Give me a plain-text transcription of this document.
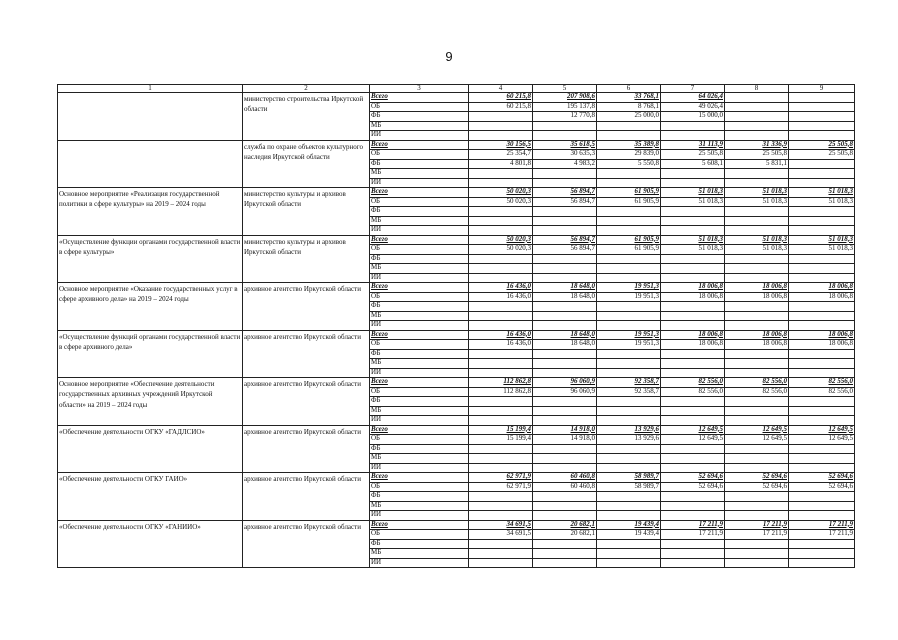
9
1	2	3	4	5	6	7	8	9
	министерство строительства Иркутской области	Всего	60 215,8	207 908,6	33 768,1	64 026,4		
		ОБ	60 215,8	195 137,8	8 768,1	49 026,4		
		ФБ		12 770,8	25 000,0	15 000,0		
		МБ						
		ИИ						
	служба по охране объектов культурного наследия Иркутской области	Всего	30 156,5	35 618,5	35 389,8	31 113,9	31 336,9	25 505,8
		ОБ	25 354,7	30 635,3	29 839,0	25 505,8	25 505,8	25 505,8
		ФБ	4 801,8	4 983,2	5 550,8	5 608,1	5 831,1	
		МБ						
		ИИ						
Основное мероприятие «Реализация государственной политики в сфере культуры» на 2019 – 2024 годы	министерство культуры и архивов Иркутской области	Всего	50 020,3	56 894,7	61 905,9	51 018,3	51 018,3	51 018,3
		ОБ	50 020,3	56 894,7	61 905,9	51 018,3	51 018,3	51 018,3
		ФБ						
		МБ						
		ИИ						
«Осуществление функции органами государственной власти в сфере культуры»	министерство культуры и архивов Иркутской области	Всего	50 020,3	56 894,7	61 905,9	51 018,3	51 018,3	51 018,3
		ОБ	50 020,3	56 894,7	61 905,9	51 018,3	51 018,3	51 018,3
		ФБ						
		МБ						
		ИИ						
Основное мероприятие «Оказание государственных услуг в сфере архивного дела» на 2019 – 2024 годы	архивное агентство Иркутской области	Всего	16 436,0	18 648,0	19 951,3	18 006,8	18 006,8	18 006,8
		ОБ	16 436,0	18 648,0	19 951,3	18 006,8	18 006,8	18 006,8
		ФБ						
		МБ						
		ИИ						
«Осуществление функций органами государственной власти в сфере архивного дела»	архивное агентство Иркутской области	Всего	16 436,0	18 648,0	19 951,3	18 006,8	18 006,8	18 006,8
		ОБ	16 436,0	18 648,0	19 951,3	18 006,8	18 006,8	18 006,8
		ФБ						
		МБ						
		ИИ						
Основное мероприятие «Обеспечение деятельности государственных архивных учреждений Иркутской области» на 2019 – 2024 годы	архивное агентство Иркутской области	Всего	112 862,8	96 060,9	92 358,7	82 556,0	82 556,0	82 556,0
		ОБ	112 862,8	96 060,9	92 358,7	82 556,0	82 556,0	82 556,0
		ФБ						
		МБ						
		ИИ						
«Обеспечение деятельности ОГКУ «ГАДЛСИО»	архивное агентство Иркутской области	Всего	15 199,4	14 918,0	13 929,6	12 649,5	12 649,5	12 649,5
		ОБ	15 199,4	14 918,0	13 929,6	12 649,5	12 649,5	12 649,5
		ФБ						
		МБ						
		ИИ						
«Обеспечение деятельности ОГКУ ГАИО»	архивное агентство Иркутской области	Всего	62 971,9	60 460,8	58 989,7	52 694,6	52 694,6	52 694,6
		ОБ	62 971,9	60 460,8	58 989,7	52 694,6	52 694,6	52 694,6
		ФБ						
		МБ						
		ИИ						
«Обеспечение деятельности ОГКУ «ГАНИИО»	архивное агентство Иркутской области	Всего	34 691,5	20 682,1	19 439,4	17 211,9	17 211,9	17 211,9
		ОБ	34 691,5	20 682,1	19 439,4	17 211,9	17 211,9	17 211,9
		ФБ						
		МБ						
		ИИ						
